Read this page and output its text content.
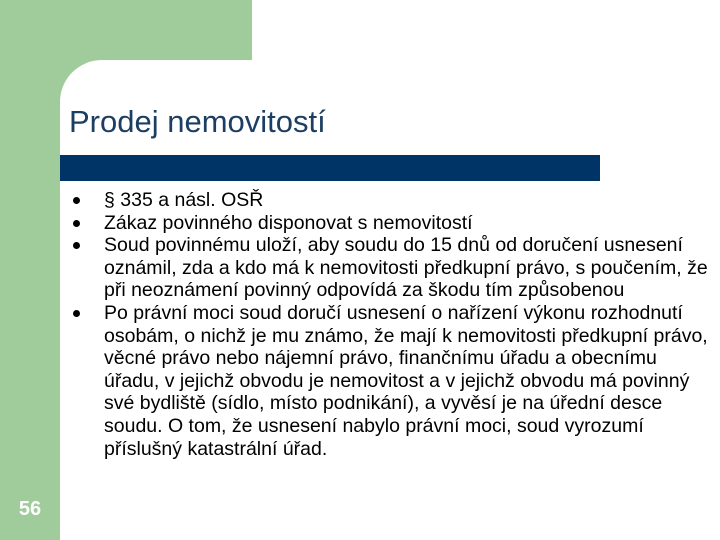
Prodej nemovitostí
§ 335 a násl. OSŘ
Zákaz povinného disponovat s nemovitostí
Soud povinnému uloží, aby soudu do 15 dnů od doručení usnesení oznámil, zda a kdo má k nemovitosti předkupní právo, s poučením, že při neoznámení povinný odpovídá za škodu tím způsobenou
Po právní moci soud doručí usnesení o nařízení výkonu rozhodnutí osobám, o nichž je mu známo, že mají k nemovitosti předkupní právo, věcné právo nebo nájemní právo, finančnímu úřadu a obecnímu úřadu, v jejichž obvodu je nemovitost a v jejichž obvodu má povinný své bydliště (sídlo, místo podnikání), a vyvěsí je na úřední desce soudu. O tom, že usnesení nabylo právní moci, soud vyrozumí příslušný katastrální úřad.
56
